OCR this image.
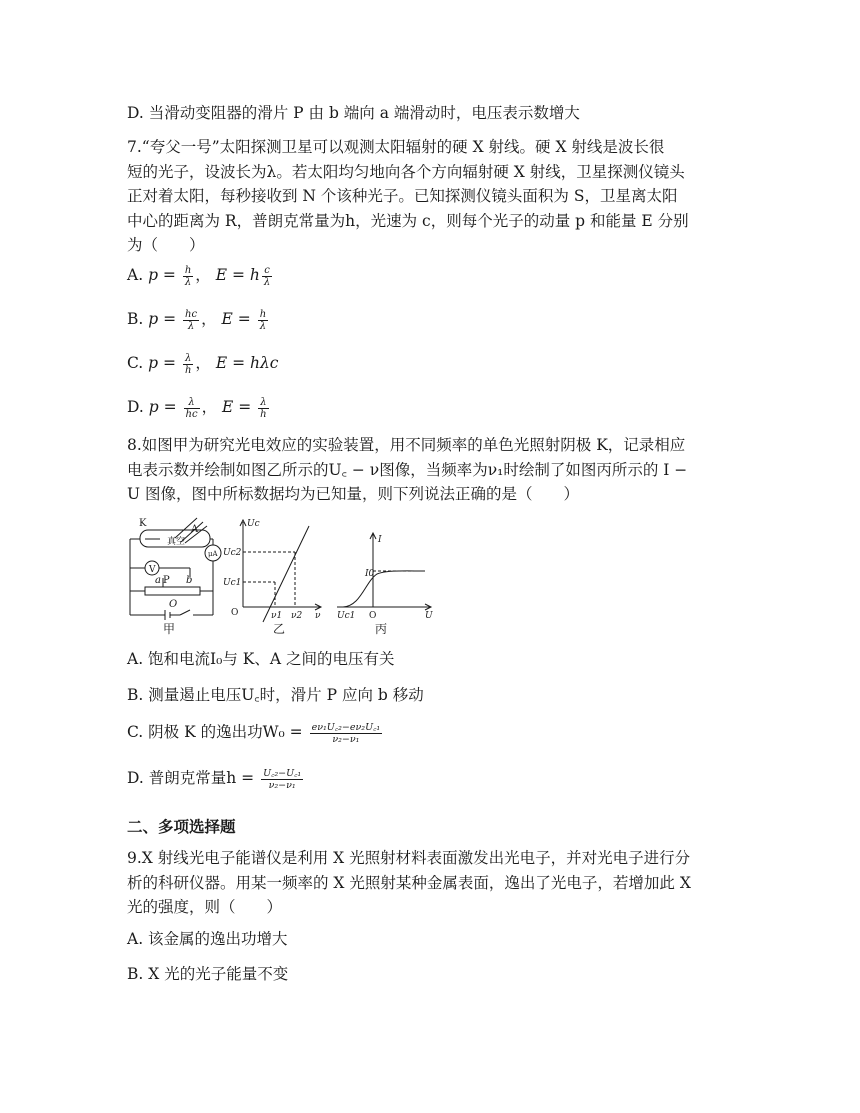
D. 当滑动变阻器的滑片 P 由 b 端向 a 端滑动时，电压表示数增大
7.“夸父一号”太阳探测卫星可以观测太阳辐射的硬 X 射线。硬 X 射线是波长很
短的光子，设波长为λ。若太阳均匀地向各个方向辐射硬 X 射线，卫星探测仪镜头
正对着太阳，每秒接收到 N 个该种光子。已知探测仪镜头面积为 S，卫星离太阳
中心的距离为 R，普朗克常量为h，光速为 c，则每个光子的动量 p 和能量 E 分别
为（　　）
A. $p = \frac{h}{\lambda}$ ， E = h $\frac{c}{\lambda}$
B. $p = \frac{hc}{\lambda}$ ， $E = \frac{h}{\lambda}$
C. $p = \frac{\lambda}{h}$ ， E = hλc
D. $p = \frac{\lambda}{hc}$ ， $E = \frac{\lambda}{h}$
8.如图甲为研究光电效应的实验装置，用不同频率的单色光照射阴极 K，记录相应
电表示数并绘制如图乙所示的U꜀ − ν图像，当频率为ν₁时绘制了如图丙所示的 I −
U 图像，图中所标数据均为已知量，则下列说法正确的是（　　）
K
A
真空
μA
V
a P b
O
甲
Uc
Uc2
Uc1
O	ν1 ν2 ν
乙
I
I0
Uc1 O	U
丙
A. 饱和电流I₀与 K、A 之间的电压有关
B. 测量遏止电压U꜀时，滑片 P 应向 b 移动
C. 阴极 K 的逸出功$W_0 = \frac{\text{eν₁U꜀₂−eν₂U꜀₁}}{\text{ν₂−ν₁}}$
D. 普朗克常量$h = \frac{\text{U꜀₂−U꜀₁}}{\text{ν₂−ν₁}}$
二、多项选择题
9.X 射线光电子能谱仪是利用 X 光照射材料表面激发出光电子，并对光电子进行分
析的科研仪器。用某一频率的 X 光照射某种金属表面，逸出了光电子，若增加此 X
光的强度，则（　　）
A. 该金属的逸出功增大
B. X 光的光子能量不变
